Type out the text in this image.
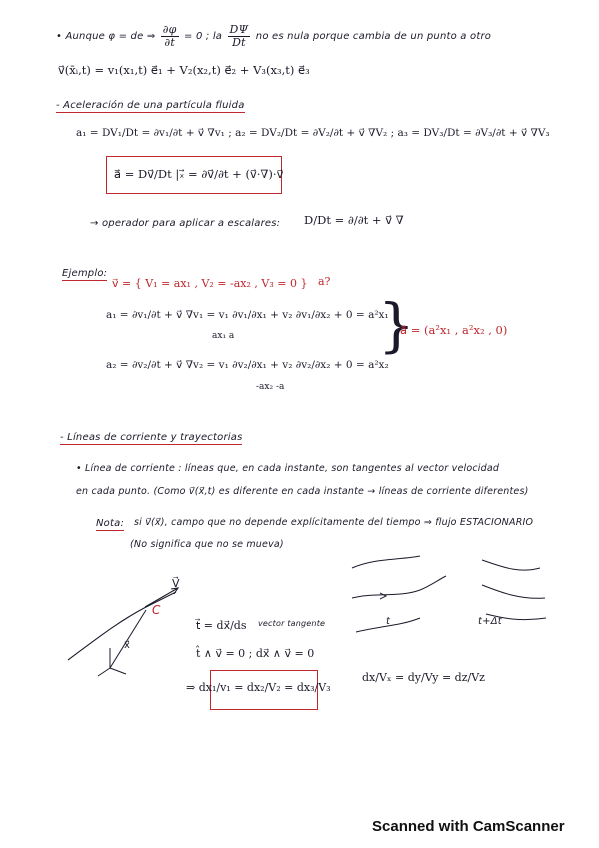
• Aunque φ = de ⇒ $\frac{\partial\varphi}{\partial t} = 0$ ; la $\frac{D\Psi}{Dt}$ no es nula porque cambia de un punto a otro
v⃗(x̄ᵢ,t) = v₁(x₁,t) e⃗₁ + V₂(x₂,t) e⃗₂ + V₃(x₃,t) e⃗₃
- Aceleración de una partícula fluida
a₁ = DV₁/Dt = ∂v₁/∂t + v⃗ ∇v₁ ; a₂ = DV₂/Dt = ∂V₂/∂t + v⃗ ∇V₂ ; a₃ = DV₃/Dt = ∂V₃/∂t + v⃗ ∇V₃
a⃗ = Dv⃗/Dt |ₓ⃗ = ∂v⃗/∂t + (v⃗·∇)·v⃗
→ operador para aplicar a escalares: D/Dt = ∂/∂t + v⃗ ∇
Ejemplo:
v⃗ = { V₁ = ax₁ , V₂ = -ax₂ , V₃ = 0 } a?
a₁ = ∂v₁/∂t + v⃗ ∇v₁ = v₁ ∂v₁/∂x₁ + v₂ ∂v₁/∂x₂ + 0 = a²x₁
ax₁ a
a₂ = ∂v₂/∂t + v⃗ ∇v₂ = v₁ ∂v₂/∂x₁ + v₂ ∂v₂/∂x₂ + 0 = a²x₂
-ax₂ -a
}
a⃗ = (a²x₁ , a²x₂ , 0)
- Líneas de corriente y trayectorias
• Línea de corriente : líneas que, en cada instante, son tangentes al vector velocidad
en cada punto. (Como v⃗(x⃗,t) es diferente en cada instante → líneas de corriente diferentes)
Nota: si v⃗(x⃗), campo que no depende explícitamente del tiempo ⇒ flujo ESTACIONARIO
(No significa que no se mueva)
V⃗
C
x⃗
t	t+Δt
t⃗ = dx⃗/ds vector tangente
t̂ ∧ v⃗ = 0 ; dx⃗ ∧ v⃗ = 0
⇒ dx₁/v₁ = dx₂/V₂ = dx₃/V₃
dx/Vₓ = dy/Vy = dz/Vz
Scanned with CamScanner
